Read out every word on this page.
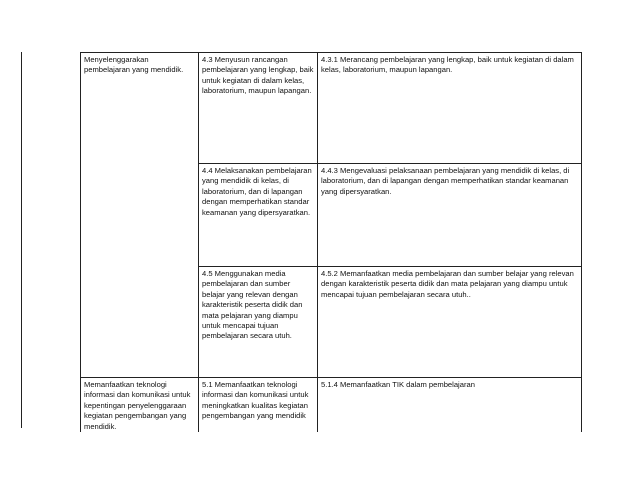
Menyelenggarakan pembelajaran yang mendidik.	4.3 Menyusun rancangan pembelajaran yang lengkap, baik untuk kegiatan di dalam kelas, laboratorium, maupun lapangan.	4.3.1 Merancang pembelajaran yang lengkap, baik untuk kegiatan di dalam kelas, laboratorium, maupun lapangan.
	4.4 Melaksanakan pembelajaran yang mendidik di kelas, di laboratorium, dan di lapangan dengan memperhatikan standar keamanan yang dipersyaratkan.	4.4.3 Mengevaluasi pelaksanaan pembelajaran yang mendidik di kelas, di laboratorium, dan di lapangan dengan memperhatikan standar keamanan yang dipersyaratkan.
	4.5 Menggunakan media pembelajaran dan sumber belajar yang relevan dengan karakteristik peserta didik dan mata pelajaran yang diampu untuk mencapai tujuan pembelajaran secara utuh.	4.5.2 Memanfaatkan media pembelajaran dan sumber belajar yang relevan dengan karakteristik peserta didik dan mata pelajaran yang diampu untuk mencapai tujuan pembelajaran secara utuh..
Memanfaatkan teknologi informasi dan komunikasi untuk kepentingan penyelenggaraan kegiatan pengembangan yang mendidik.	5.1 Memanfaatkan teknologi informasi dan komunikasi untuk meningkatkan kualitas kegiatan pengembangan yang mendidik	5.1.4 Memanfaatkan TIK dalam pembelajaran
